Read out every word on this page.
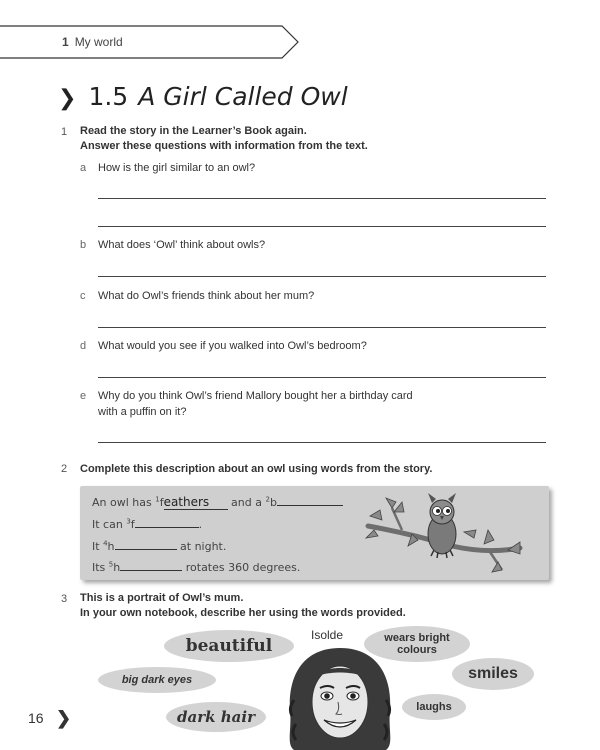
1 My world
❯ 1.5 A Girl Called Owl
1 Read the story in the Learner’s Book again.
Answer these questions with information from the text.
a How is the girl similar to an owl?
b What does ‘Owl’ think about owls?
c What do Owl’s friends think about her mum?
d What would you see if you walked into Owl’s bedroom?
e Why do you think Owl’s friend Mallory bought her a birthday card
with a puffin on it?
2 Complete this description about an owl using words from the story.
An owl has $^1$feathers and a $^2$b
It can $^3$f	.
It $^4$h	at night.
Its $^5$h	rotates 360 degrees.
3 This is a portrait of Owl’s mum.
In your own notebook, describe her using the words provided.
Isolde
beautiful	wears bright colours
smiles
big dark eyes
laughs
dark hair
16 ❯
